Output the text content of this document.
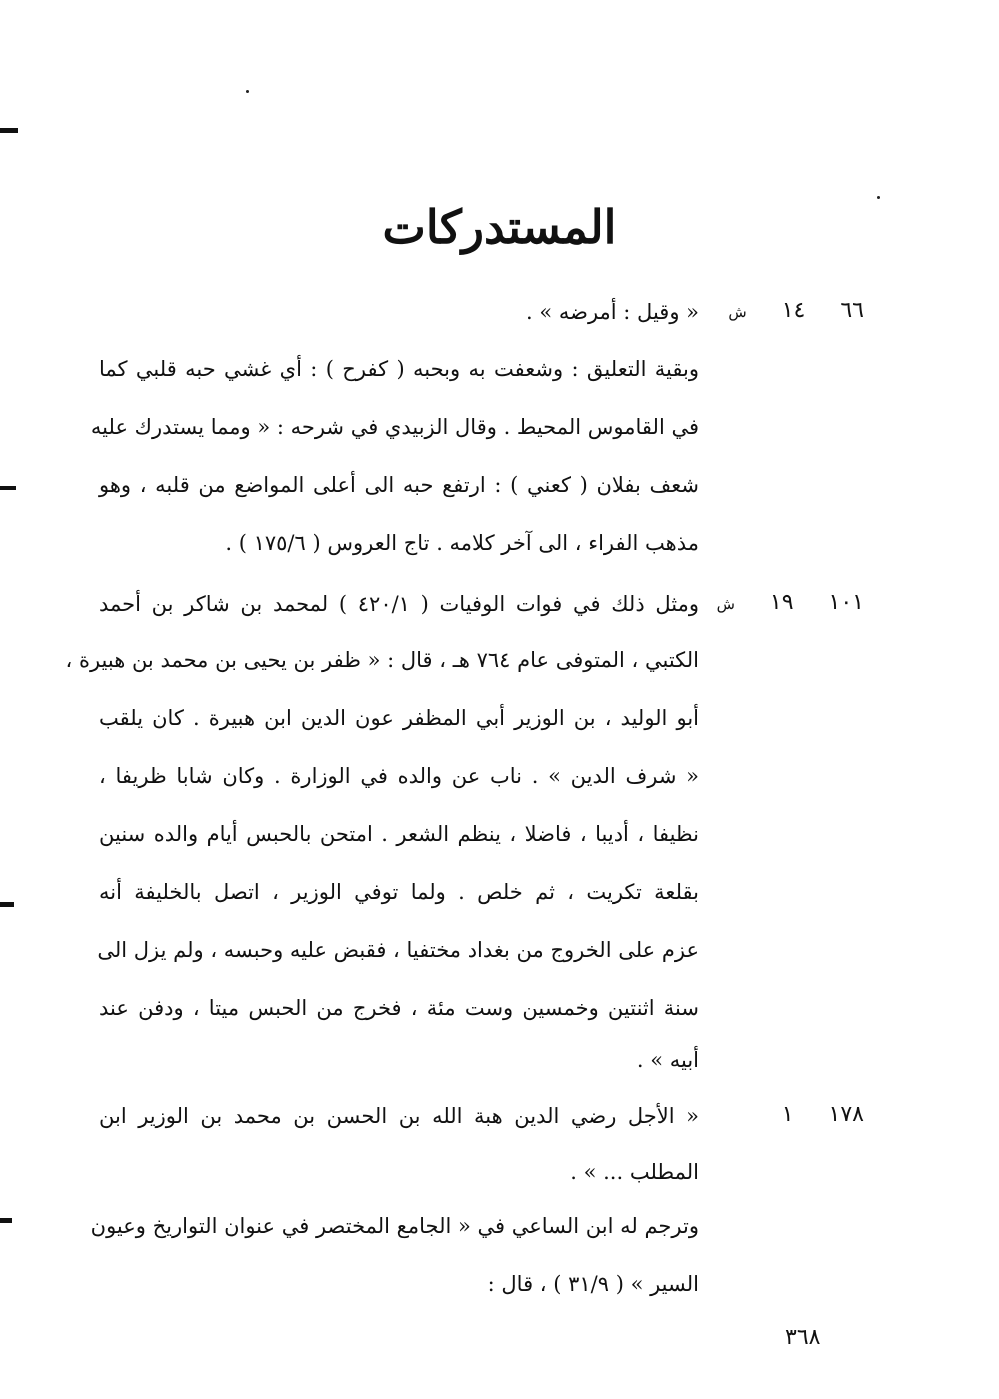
المستدركات
٦٦ ١٤ ش
« وقيل : أمرضه » .
وبقية التعليق : وشعفت به وبحبه ( كفرح ) : أي غشي حبه قلبي كما
في القاموس المحيط . وقال الزبيدي في شرحه : « ومما يستدرك عليه
شعف بفلان ( كعني ) : ارتفع حبه الى أعلى المواضع من قلبه ، وهو
مذهب الفراء ، الى آخر كلامه . تاج العروس ( ١٧٥/٦ ) .
١٠١ ١٩ ش
ومثل ذلك في فوات الوفيات ( ٤٢٠/١ ) لمحمد بن شاكر بن أحمد
الكتبي ، المتوفى عام ٧٦٤ هـ ، قال : « ظفر بن يحيى بن محمد بن هبيرة ،
أبو الوليد ، بن الوزير أبي المظفر عون الدين ابن هبيرة . كان يلقب
« شرف الدين » . ناب عن والده في الوزارة . وكان شابا ظريفا ،
نظيفا ، أديبا ، فاضلا ، ينظم الشعر . امتحن بالحبس أيام والده سنين
بقلعة تكريت ، ثم خلص . ولما توفي الوزير ، اتصل بالخليفة أنه
عزم على الخروج من بغداد مختفيا ، فقبض عليه وحبسه ، ولم يزل الى
سنة اثنتين وخمسين وست مئة ، فخرج من الحبس ميتا ، ودفن عند
أبيه » .
١٧٨ ١
« الأجل رضي الدين هبة الله بن الحسن بن محمد بن الوزير ابن
المطلب ... » .
وترجم له ابن الساعي في « الجامع المختصر في عنوان التواريخ وعيون
السير » ( ٣١/٩ ) ، قال :
٣٦٨
